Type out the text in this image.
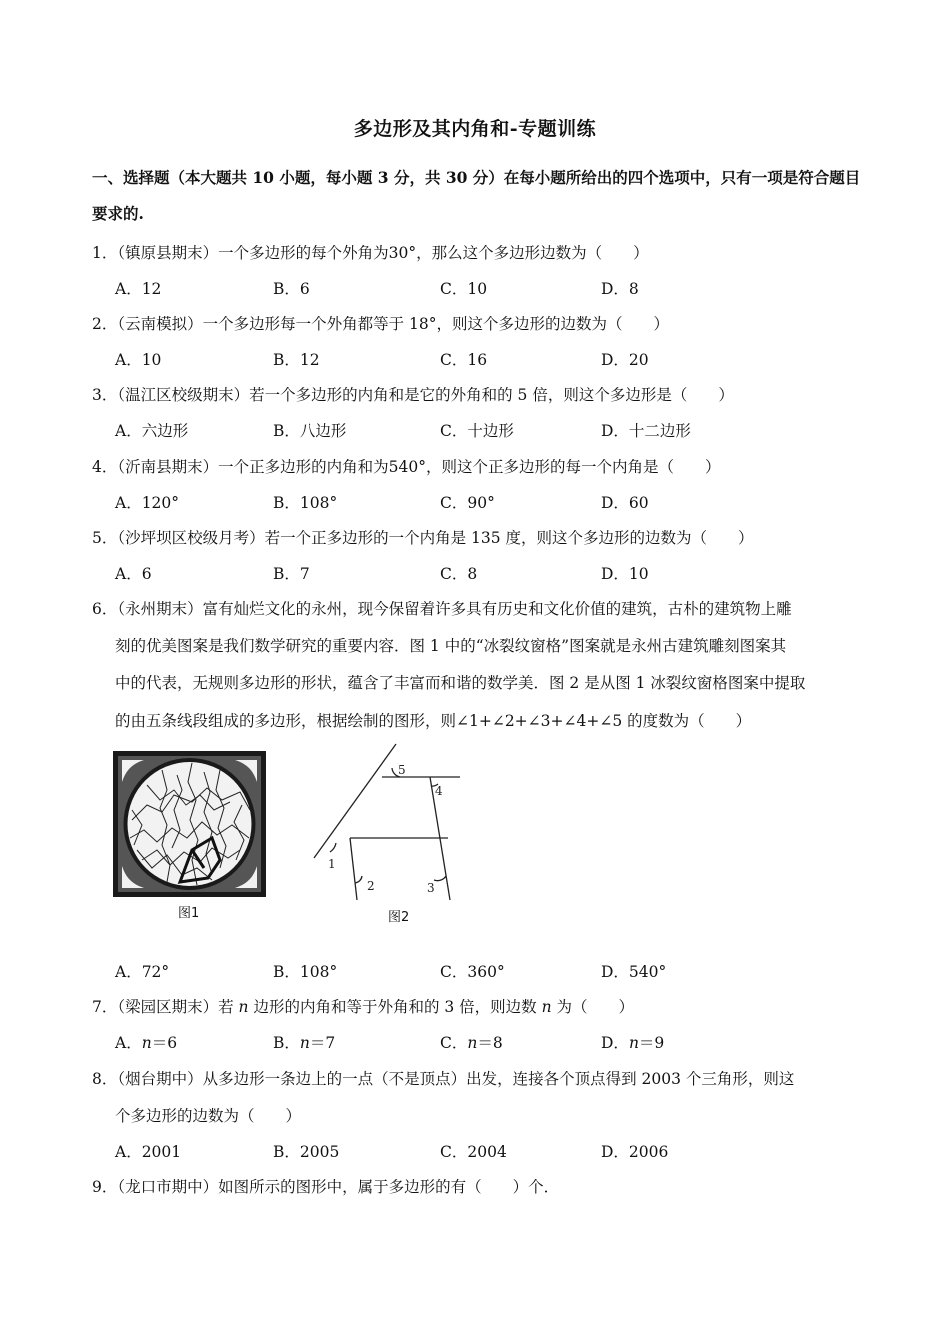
多边形及其内角和-专题训练
一、选择题（本大题共 10 小题，每小题 3 分，共 30 分）在每小题所给出的四个选项中，只有一项是符合题目要求的.
1．（镇原县期末）一个多边形的每个外角为30°，那么这个多边形边数为（　　）
A．12	B．6	C．10	D．8
2．（云南模拟）一个多边形每一个外角都等于 18°，则这个多边形的边数为（　　）
A．10	B．12	C．16	D．20
3．（温江区校级期末）若一个多边形的内角和是它的外角和的 5 倍，则这个多边形是（　　）
A．六边形	B．八边形	C．十边形	D．十二边形
4．（沂南县期末）一个正多边形的内角和为540°，则这个正多边形的每一个内角是（　　）
A．120°	B．108°	C．90°	D．60
5．（沙坪坝区校级月考）若一个正多边形的一个内角是 135 度，则这个多边形的边数为（　　）
A．6	B．7	C．8	D．10
6．（永州期末）富有灿烂文化的永州，现今保留着许多具有历史和文化价值的建筑，古朴的建筑物上雕
刻的优美图案是我们数学研究的重要内容．图 1 中的“冰裂纹窗格”图案就是永州古建筑雕刻图案其
中的代表，无规则多边形的形状，蕴含了丰富而和谐的数学美．图 2 是从图 1 冰裂纹窗格图案中提取
的由五条线段组成的多边形，根据绘制的图形，则∠1+∠2+∠3+∠4+∠5 的度数为（　　）
图1
1
2	3
4
5
图2
A．72°	B．108°	C．360°	D．540°
7．（梁园区期末）若 n 边形的内角和等于外角和的 3 倍，则边数 n 为（　　）
A．n＝6	B．n＝7	C．n＝8	D．n＝9
8．（烟台期中）从多边形一条边上的一点（不是顶点）出发，连接各个顶点得到 2003 个三角形，则这
个多边形的边数为（　　）
A．2001	B．2005	C．2004	D．2006
9．（龙口市期中）如图所示的图形中，属于多边形的有（　　）个．
